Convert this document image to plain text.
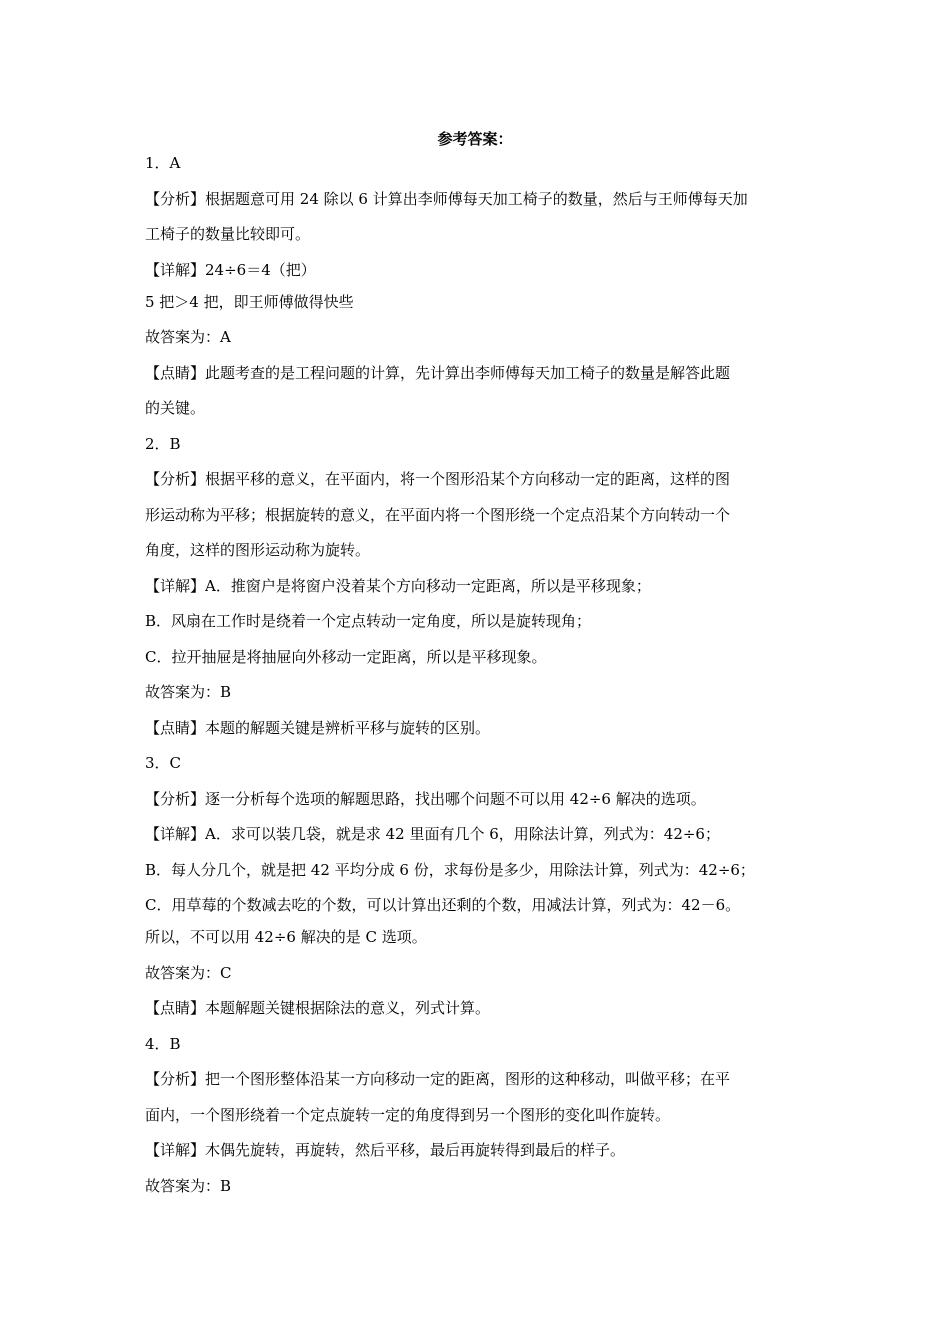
参考答案：
1．A
【分析】根据题意可用 24 除以 6 计算出李师傅每天加工椅子的数量，然后与王师傅每天加
工椅子的数量比较即可。
【详解】24÷6＝4（把）
5 把＞4 把，即王师傅做得快些
故答案为：A
【点睛】此题考查的是工程问题的计算，先计算出李师傅每天加工椅子的数量是解答此题
的关键。
2．B
【分析】根据平移的意义，在平面内，将一个图形沿某个方向移动一定的距离，这样的图
形运动称为平移；根据旋转的意义，在平面内将一个图形绕一个定点沿某个方向转动一个
角度，这样的图形运动称为旋转。
【详解】A．推窗户是将窗户没着某个方向移动一定距离，所以是平移现象；
B．风扇在工作时是绕着一个定点转动一定角度，所以是旋转现角；
C．拉开抽屉是将抽屉向外移动一定距离，所以是平移现象。
故答案为：B
【点睛】本题的解题关键是辨析平移与旋转的区别。
3．C
【分析】逐一分析每个选项的解题思路，找出哪个问题不可以用 42÷6 解决的选项。
【详解】A．求可以装几袋，就是求 42 里面有几个 6，用除法计算，列式为：42÷6；
B．每人分几个，就是把 42 平均分成 6 份，求每份是多少，用除法计算，列式为：42÷6；
C．用草莓的个数减去吃的个数，可以计算出还剩的个数，用减法计算，列式为：42－6。
所以，不可以用 42÷6 解决的是 C 选项。
故答案为：C
【点睛】本题解题关键根据除法的意义，列式计算。
4．B
【分析】把一个图形整体沿某一方向移动一定的距离，图形的这种移动，叫做平移；在平
面内，一个图形绕着一个定点旋转一定的角度得到另一个图形的变化叫作旋转。
【详解】木偶先旋转，再旋转，然后平移，最后再旋转得到最后的样子。
故答案为：B
